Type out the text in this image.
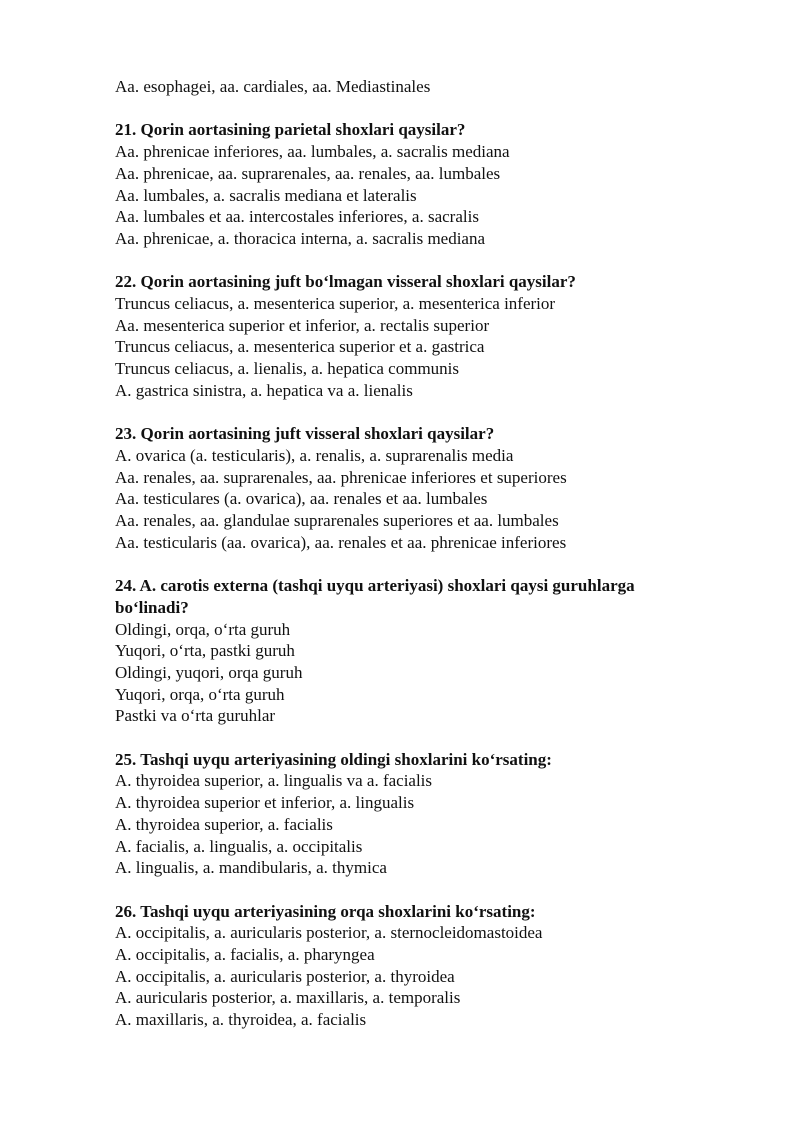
Aa. esophagei, aa. cardiales, aa. Mediastinales
21. Qorin aortasining parietal shoxlari qaysilar?
Aa. phrenicae inferiores, aa. lumbales, a. sacralis mediana
Aa. phrenicae, aa. suprarenales, aa. renales, aa. lumbales
Aa. lumbales, a. sacralis mediana et lateralis
Aa. lumbales et aa. intercostales inferiores, a. sacralis
Aa. phrenicae, a. thoracica interna, a. sacralis mediana
22. Qorin aortasining juft bo‘lmagan visseral shoxlari qaysilar?
Truncus celiacus, a. mesenterica superior, a. mesenterica inferior
Aa. mesenterica superior et inferior, a. rectalis superior
Truncus celiacus, a. mesenterica superior et a. gastrica
Truncus celiacus, a. lienalis, a. hepatica communis
A. gastrica sinistra, a. hepatica va a. lienalis
23. Qorin aortasining juft visseral shoxlari qaysilar?
A. ovarica (a. testicularis), a. renalis, a. suprarenalis media
Aa. renales, aa. suprarenales, aa. phrenicae inferiores et superiores
Aa. testiculares (a. ovarica), aa. renales et aa. lumbales
Aa. renales, aa. glandulae suprarenales superiores et aa. lumbales
Aa. testicularis (aa. ovarica), aa. renales et aa. phrenicae inferiores
24. A. carotis externa (tashqi uyqu arteriyasi) shoxlari qaysi guruhlarga bo‘linadi?
Oldingi, orqa, o‘rta guruh
Yuqori, o‘rta, pastki guruh
Oldingi, yuqori, orqa guruh
Yuqori, orqa, o‘rta guruh
Pastki va o‘rta guruhlar
25. Tashqi uyqu arteriyasining oldingi shoxlarini ko‘rsating:
A. thyroidea superior, a. lingualis va a. facialis
A. thyroidea superior et inferior, a. lingualis
A. thyroidea superior, a. facialis
A. facialis, a. lingualis, a. occipitalis
A. lingualis, a. mandibularis, a. thymica
26. Tashqi uyqu arteriyasining orqa shoxlarini ko‘rsating:
A. occipitalis, a. auricularis posterior, a. sternocleidomastoidea
A. occipitalis, a. facialis, a. pharyngea
A. occipitalis, a. auricularis posterior, a. thyroidea
A. auricularis posterior, a. maxillaris, a. temporalis
A. maxillaris, a. thyroidea, a. facialis
